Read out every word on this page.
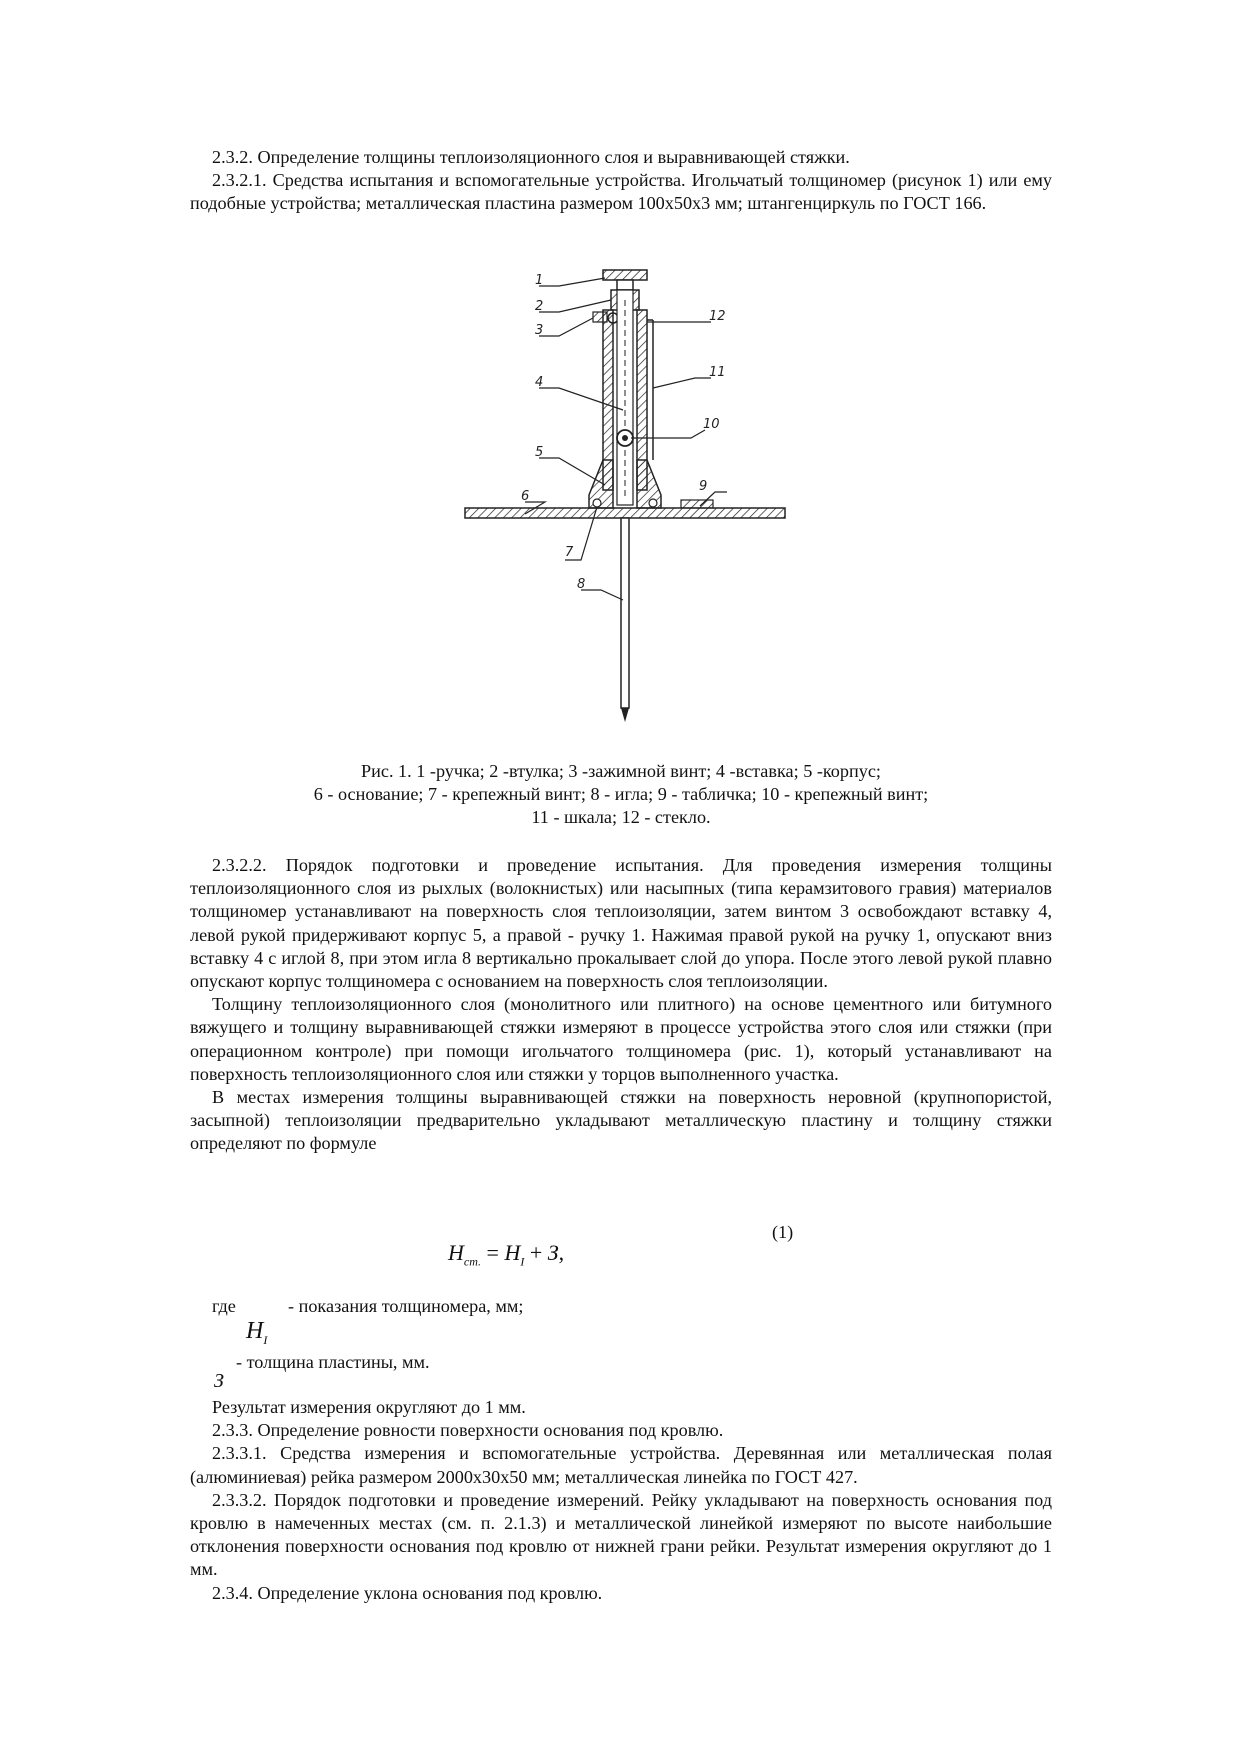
2.3.2. Определение толщины теплоизоляционного слоя и выравнивающей стяжки.

2.3.2.1. Средства испытания и вспомогательные устройства. Игольчатый толщиномер (рисунок 1) или ему подобные устройства; металлическая пластина размером 100х50х3 мм; штангенциркуль по ГОСТ 166.

1
2
3
4
5
6
7
8
9
10
11
12
Рис. 1. 1 -ручка; 2 -втулка; 3 -зажимной винт; 4 -вставка; 5 -корпус;
6 - основание; 7 - крепежный винт; 8 - игла; 9 - табличка; 10 - крепежный винт;
11 - шкала; 12 - стекло.

2.3.2.2. Порядок подготовки и проведение испытания. Для проведения измерения толщины теплоизоляционного слоя из рыхлых (волокнистых) или насыпных (типа керамзитового гравия) материалов толщиномер устанавливают на поверхность слоя теплоизоляции, затем винтом 3 освобождают вставку 4, левой рукой придерживают корпус 5, а правой - ручку 1. Нажимая правой рукой на ручку 1, опускают вниз вставку 4 с иглой 8, при этом игла 8 вертикально прокалывает слой до упора. После этого левой рукой плавно опускают корпус толщиномера с основанием на поверхность слоя теплоизоляции.

Толщину теплоизоляционного слоя (монолитного или плитного) на основе цементного или битумного вяжущего и толщину выравнивающей стяжки измеряют в процессе устройства этого слоя или стяжки (при операционном контроле) при помощи игольчатого толщиномера (рис. 1), который устанавливают на поверхность теплоизоляционного слоя или стяжки у торцов выполненного участка.

В местах измерения толщины выравнивающей стяжки на поверхность неровной (крупнопористой, засыпной) теплоизоляции предварительно укладывают металлическую пластину и толщину стяжки определяют по формуле

(1)
$H_{ст.} = H_I + З$,
где	- показания толщиномера, мм;
$H_I$
- толщина пластины, мм.
З

Результат измерения округляют до 1 мм.

2.3.3. Определение ровности поверхности основания под кровлю.

2.3.3.1. Средства измерения и вспомогательные устройства. Деревянная или металлическая полая (алюминиевая) рейка размером 2000х30х50 мм; металлическая линейка по ГОСТ 427.

2.3.3.2. Порядок подготовки и проведение измерений. Рейку укладывают на поверхность основания под кровлю в намеченных местах (см. п. 2.1.3) и металлической линейкой измеряют по высоте наибольшие отклонения поверхности основания под кровлю от нижней грани рейки. Результат измерения округляют до 1 мм.

2.3.4. Определение уклона основания под кровлю.
